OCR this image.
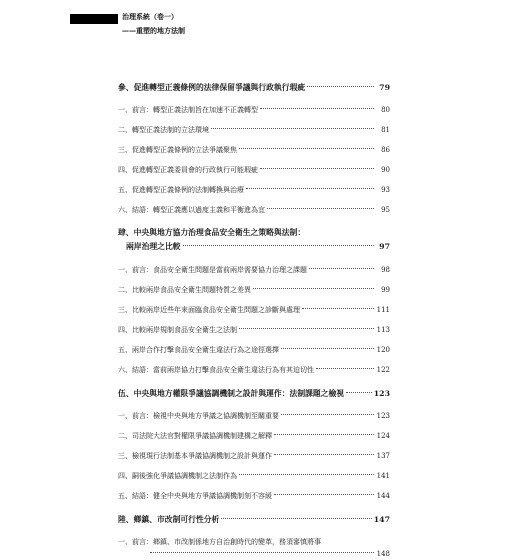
治理系統（卷一）
——重塑的地方法制
參、促進轉型正義條例的法律保留爭議與行政執行瑕疵	79
一、前言：轉型正義法制旨在加速不正義轉型	80
二、轉型正義法制的立法環境	81
三、促進轉型正義條例的立法爭議聚焦	86
四、促進轉型正義委員會的行政執行可能瑕疵	90
五、促進轉型正義條例的法制轉換與治療	93
六、結語：轉型正義應以過度主義和平衡進為宜	95
肆、中央與地方協力治理食品安全衛生之策略與法制：
兩岸治理之比較	97
一、前言：食品安全衛生問題是當前兩岸需要協力治理之課題	98
二、比較兩岸食品安全衛生問題特質之差異	99
三、比較兩岸近些年來面臨食品安全衛生問題之診斷與處理	111
四、比較兩岸規制食品安全衛生之法制	113
五、兩岸合作打擊食品安全衛生違法行為之途徑選擇	120
六、結語：當前兩岸協力打擊食品安全衛生違法行為有其迫切性	122
伍、中央與地方權限爭議協調機制之設計與運作：法制課題之檢視	123
一、前言：檢視中央與地方爭議之協調機制至關重要	123
二、司法院大法官對權限爭議協調機制建構之解釋	124
三、檢視現行法制基本爭議協調機制之設計與運作	137
四、嗣後強化爭議協調機制之法制作為	141
五、結語：健全中央與地方爭議協調機制刻不容緩	144
陸、鄉鎮、市改制可行性分析	147
一、前言：鄉鎮、市改制係地方自治創時代的變革，務須審慎將事
148
